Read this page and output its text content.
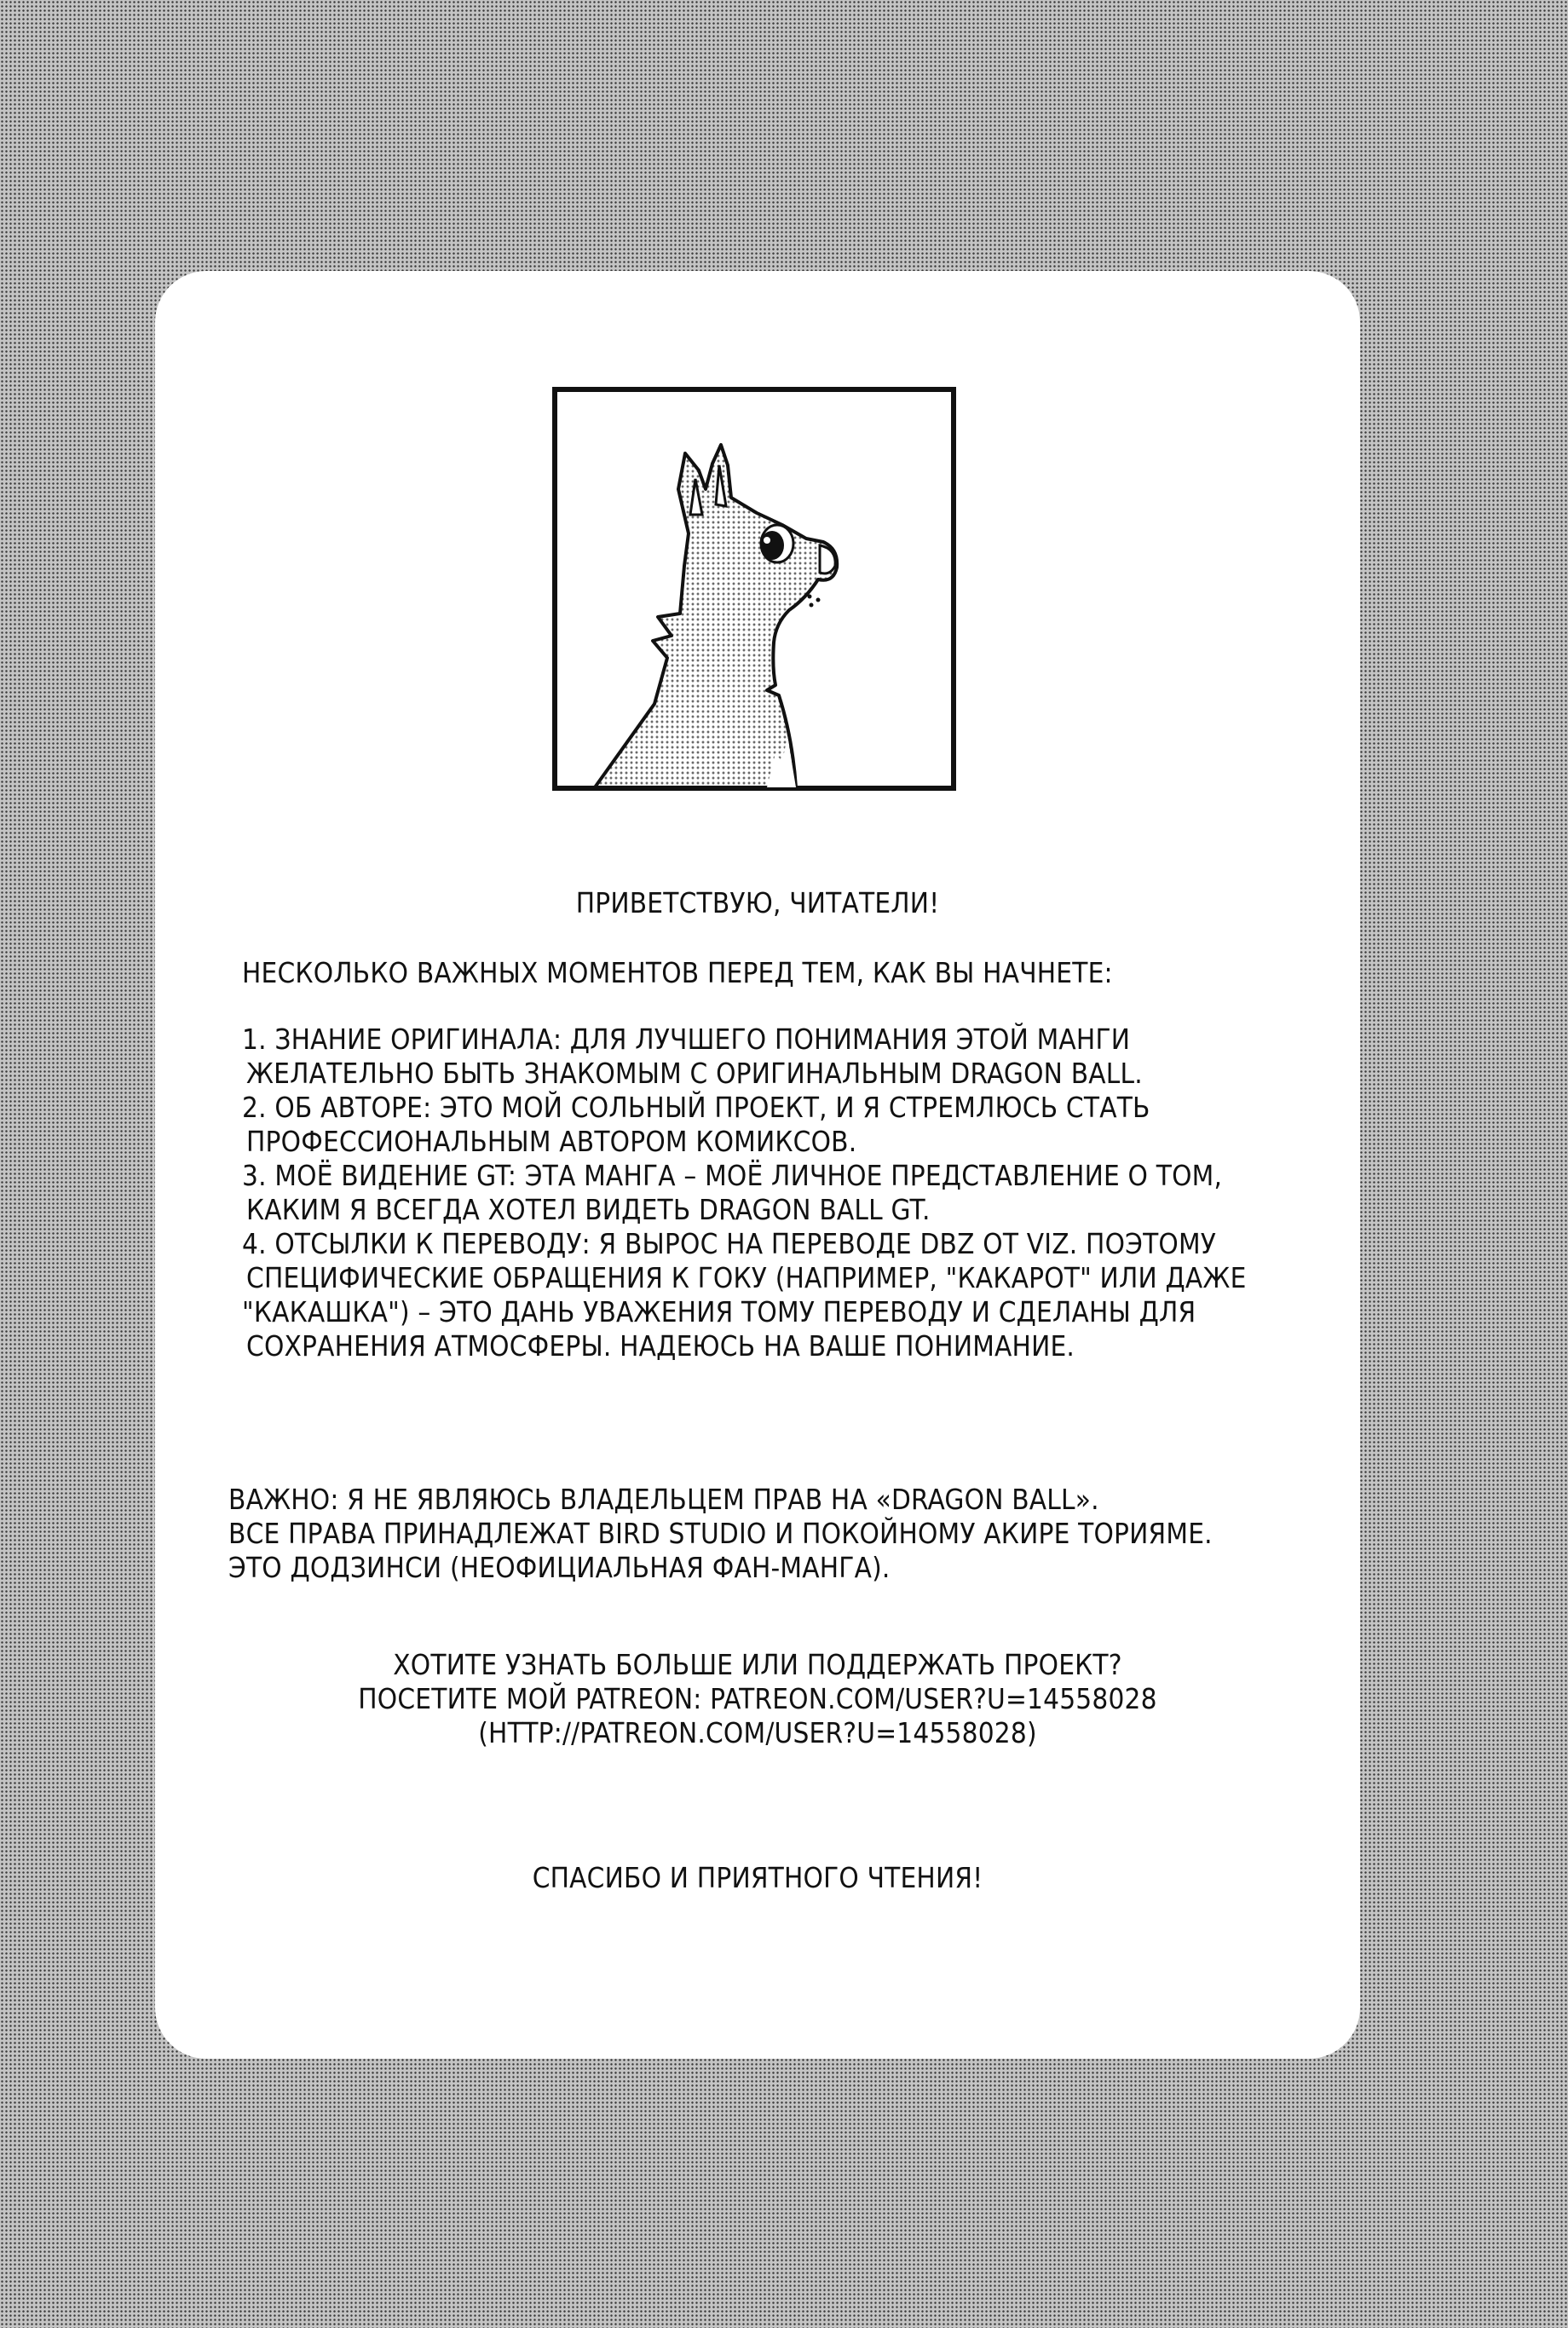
ПРИВЕТСТВУЮ, ЧИТАТЕЛИ!
НЕСКОЛЬКО ВАЖНЫХ МОМЕНТОВ ПЕРЕД ТЕМ, КАК ВЫ НАЧНЕТЕ:
1. ЗНАНИЕ ОРИГИНАЛА: ДЛЯ ЛУЧШЕГО ПОНИМАНИЯ ЭТОЙ МАНГИ
ЖЕЛАТЕЛЬНО БЫТЬ ЗНАКОМЫМ С ОРИГИНАЛЬНЫМ DRAGON BALL.
2. ОБ АВТОРЕ: ЭТО МОЙ СОЛЬНЫЙ ПРОЕКТ, И Я СТРЕМЛЮСЬ СТАТЬ
ПРОФЕССИОНАЛЬНЫМ АВТОРОМ КОМИКСОВ.
3. МОЁ ВИДЕНИЕ GT: ЭТА МАНГА – МОЁ ЛИЧНОЕ ПРЕДСТАВЛЕНИЕ О ТОМ,
КАКИМ Я ВСЕГДА ХОТЕЛ ВИДЕТЬ DRAGON BALL GT.
4. ОТСЫЛКИ К ПЕРЕВОДУ: Я ВЫРОС НА ПЕРЕВОДЕ DBZ ОТ VIZ. ПОЭТОМУ
СПЕЦИФИЧЕСКИЕ ОБРАЩЕНИЯ К ГОКУ (НАПРИМЕР, "КАКАРОТ" ИЛИ ДАЖЕ
"КАКАШКА") – ЭТО ДАНЬ УВАЖЕНИЯ ТОМУ ПЕРЕВОДУ И СДЕЛАНЫ ДЛЯ
СОХРАНЕНИЯ АТМОСФЕРЫ. НАДЕЮСЬ НА ВАШЕ ПОНИМАНИЕ.
ВАЖНО: Я НЕ ЯВЛЯЮСЬ ВЛАДЕЛЬЦЕМ ПРАВ НА «DRAGON BALL».
ВСЕ ПРАВА ПРИНАДЛЕЖАТ BIRD STUDIO И ПОКОЙНОМУ АКИРЕ ТОРИЯМЕ.
ЭТО ДОДЗИНСИ (НЕОФИЦИАЛЬНАЯ ФАН-МАНГА).
ХОТИТЕ УЗНАТЬ БОЛЬШЕ ИЛИ ПОДДЕРЖАТЬ ПРОЕКТ?
ПОСЕТИТЕ МОЙ PATREON: PATREON.COM/USER?U=14558028
(HTTP://PATREON.COM/USER?U=14558028)
СПАСИБО И ПРИЯТНОГО ЧТЕНИЯ!
